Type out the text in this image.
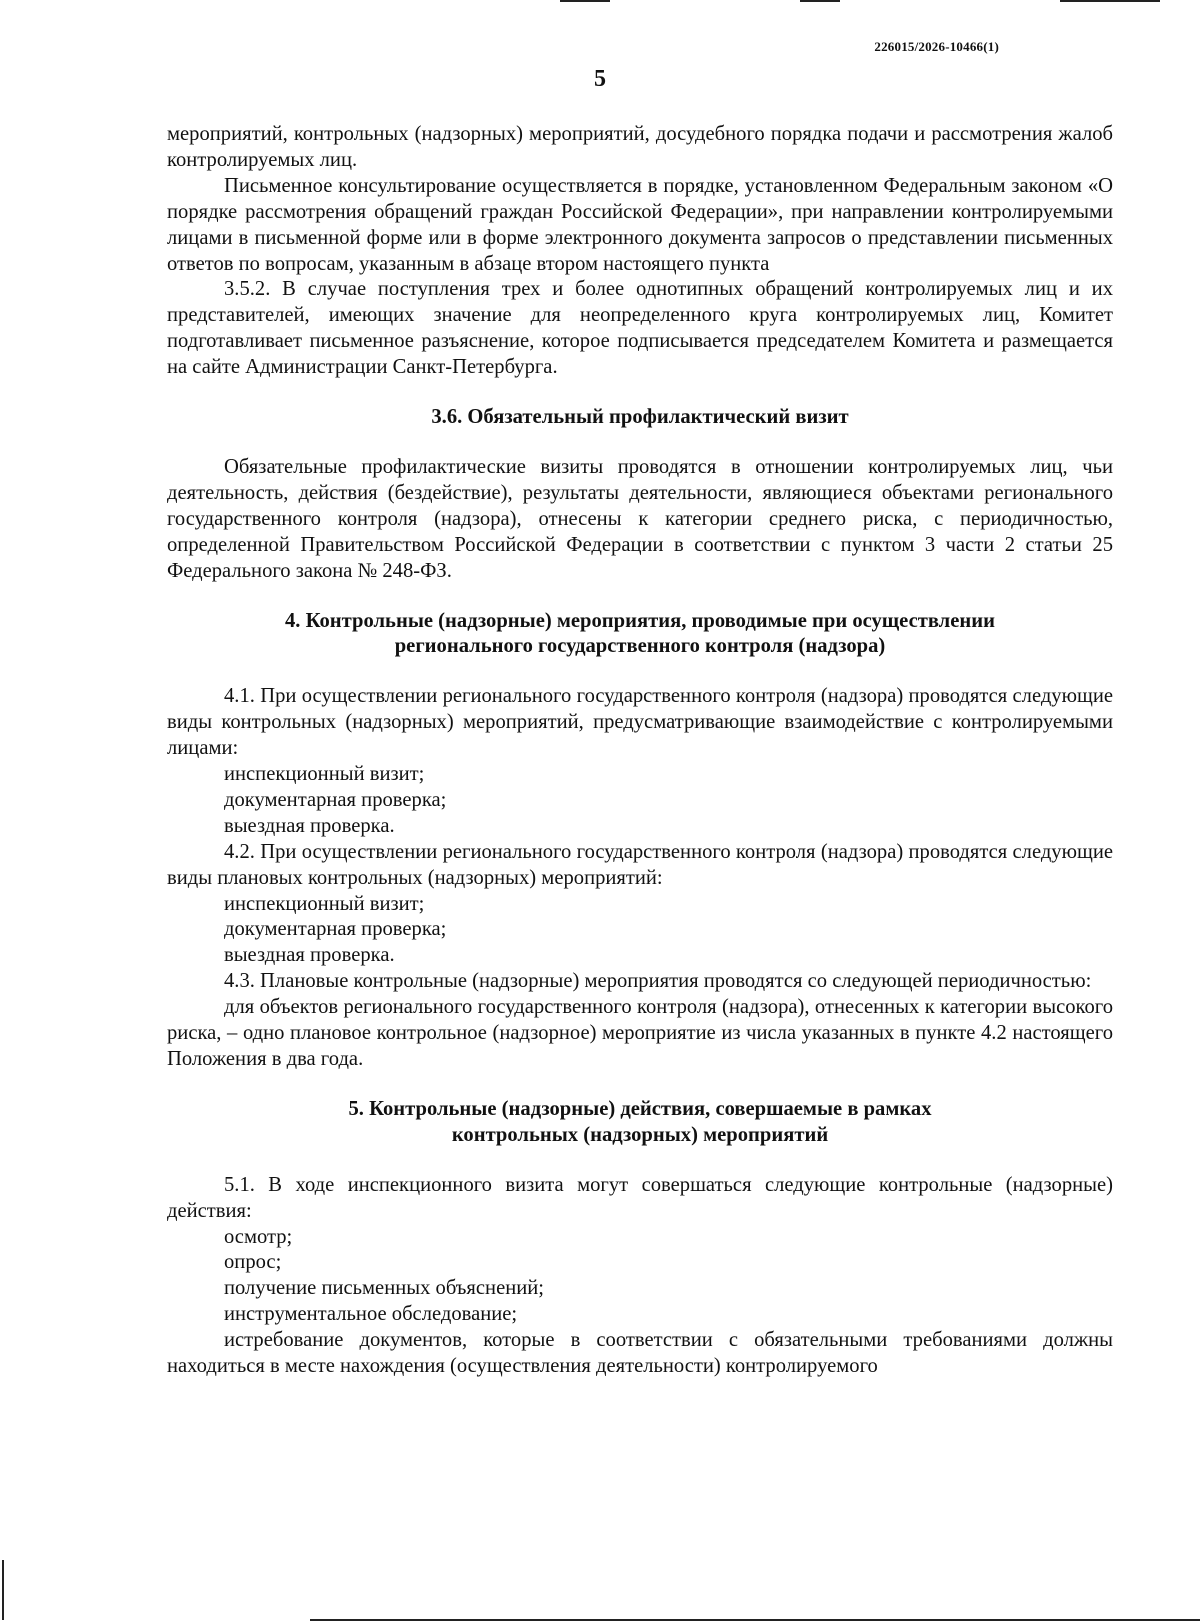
226015/2026-10466(1)
5

мероприятий, контрольных (надзорных) мероприятий, досудебного порядка подачи и рассмотрения жалоб контролируемых лиц.

Письменное консультирование осуществляется в порядке, установленном Федеральным законом «О порядке рассмотрения обращений граждан Российской Федерации», при направлении контролируемыми лицами в письменной форме или в форме электронного документа запросов о представлении письменных ответов по вопросам, указанным в абзаце втором настоящего пункта

3.5.2. В случае поступления трех и более однотипных обращений контролируемых лиц и их представителей, имеющих значение для неопределенного круга контролируемых лиц, Комитет подготавливает письменное разъяснение, которое подписывается председателем Комитета и размещается на сайте Администрации Санкт-Петербурга.

3.6. Обязательный профилактический визит

Обязательные профилактические визиты проводятся в отношении контролируемых лиц, чьи деятельность, действия (бездействие), результаты деятельности, являющиеся объектами регионального государственного контроля (надзора), отнесены к категории среднего риска, с периодичностью, определенной Правительством Российской Федерации в соответствии с пунктом 3 части 2 статьи 25 Федерального закона № 248-ФЗ.

4. Контрольные (надзорные) мероприятия, проводимые при осуществлении

регионального государственного контроля (надзора)

4.1. При осуществлении регионального государственного контроля (надзора) проводятся следующие виды контрольных (надзорных) мероприятий, предусматривающие взаимодействие с контролируемыми лицами:

инспекционный визит;

документарная проверка;

выездная проверка.

4.2. При осуществлении регионального государственного контроля (надзора) проводятся следующие виды плановых контрольных (надзорных) мероприятий:

инспекционный визит;

документарная проверка;

выездная проверка.

4.3. Плановые контрольные (надзорные) мероприятия проводятся со следующей периодичностью:

для объектов регионального государственного контроля (надзора), отнесенных к категории высокого риска, – одно плановое контрольное (надзорное) мероприятие из числа указанных в пункте 4.2 настоящего Положения в два года.

5. Контрольные (надзорные) действия, совершаемые в рамках

контрольных (надзорных) мероприятий

5.1. В ходе инспекционного визита могут совершаться следующие контрольные (надзорные) действия:

осмотр;

опрос;

получение письменных объяснений;

инструментальное обследование;

истребование документов, которые в соответствии с обязательными требованиями должны находиться в месте нахождения (осуществления деятельности) контролируемого
